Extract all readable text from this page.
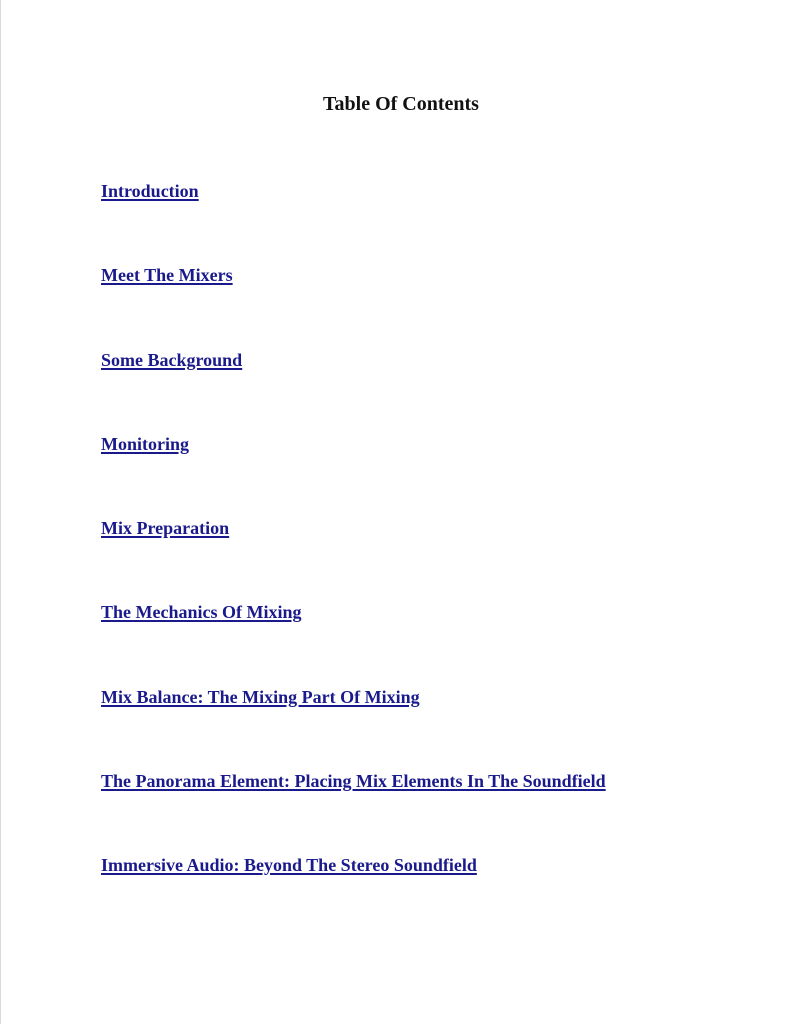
Table Of Contents
Introduction
Meet The Mixers
Some Background
Monitoring
Mix Preparation
The Mechanics Of Mixing
Mix Balance: The Mixing Part Of Mixing
The Panorama Element: Placing Mix Elements In The Soundfield
Immersive Audio: Beyond The Stereo Soundfield
